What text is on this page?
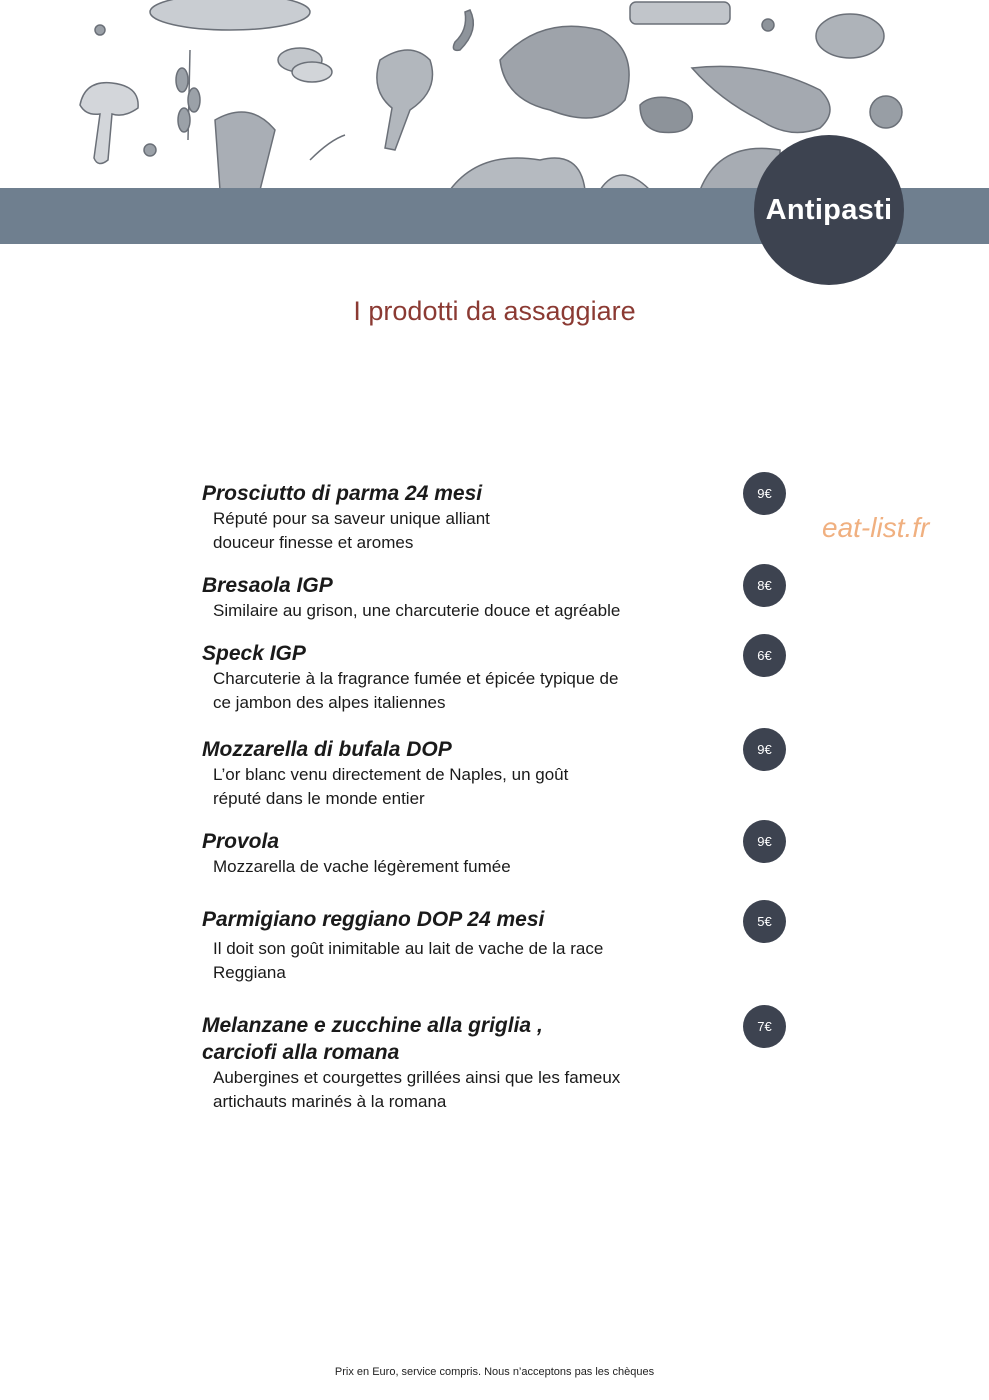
Antipasti
I prodotti da assaggiare
eat-list.fr

Prosciutto di parma 24 mesi

Réputé pour sa saveur unique alliant

douceur finesse et aromes

9€

Bresaola IGP

Similaire au grison, une charcuterie douce et agréable

8€

Speck IGP

Charcuterie à la fragrance fumée et épicée typique de

ce jambon des alpes italiennes

6€

Mozzarella di bufala DOP

L’or blanc venu directement de Naples, un goût

réputé dans le monde entier

9€

Provola

Mozzarella de vache légèrement fumée

9€

Parmigiano reggiano DOP 24 mesi

Il doit son goût inimitable au lait de vache de la race

Reggiana

5€

Melanzane e zucchine alla griglia ,

carciofi alla romana

Aubergines et courgettes grillées ainsi que les fameux

artichauts marinés à la romana

7€
Prix en Euro, service compris. Nous n’acceptons pas les chèques
